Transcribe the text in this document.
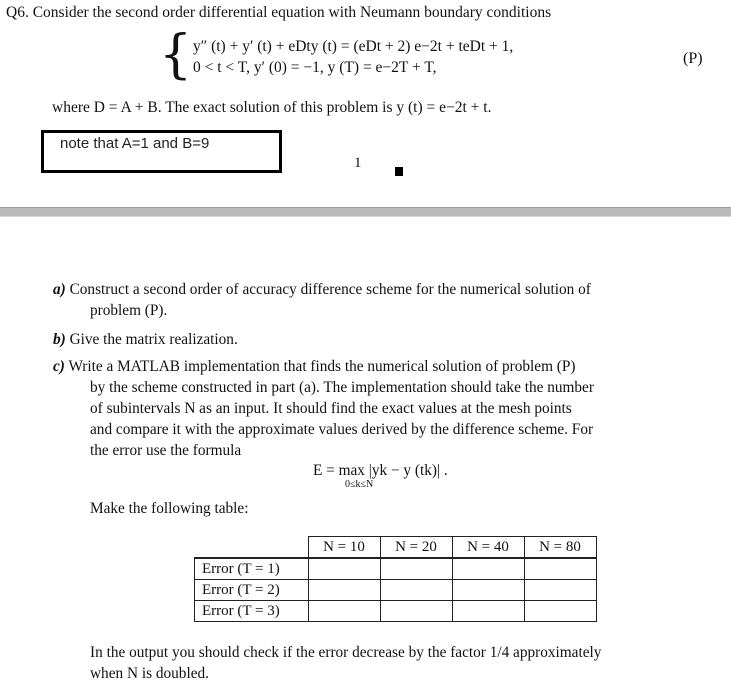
Q6. Consider the second order differential equation with Neumann boundary conditions
{ y″ (t) + y′ (t) + eDty (t) = (eDt + 2) e−2t + teDt + 1,
0 < t < T, y′ (0) = −1, y (T) = e−2T + T,
(P)
where D = A + B. The exact solution of this problem is y (t) = e−2t + t.
note that A=1 and B=9
1
a) Construct a second order of accuracy difference scheme for the numerical solution of
problem (P).
b) Give the matrix realization.
c) Write a MATLAB implementation that finds the numerical solution of problem (P)
by the scheme constructed in part (a). The implementation should take the number
of subintervals N as an input. It should find the exact values at the mesh points
and compare it with the approximate values derived by the difference scheme. For
the error use the formula
E = max |yk − y (tk)| .
0≤k≤N
Make the following table:
	N = 10	N = 20	N = 40	N = 80
Error (T = 1)				
Error (T = 2)				
Error (T = 3)				
In the output you should check if the error decrease by the factor 1/4 approximately
when N is doubled.
